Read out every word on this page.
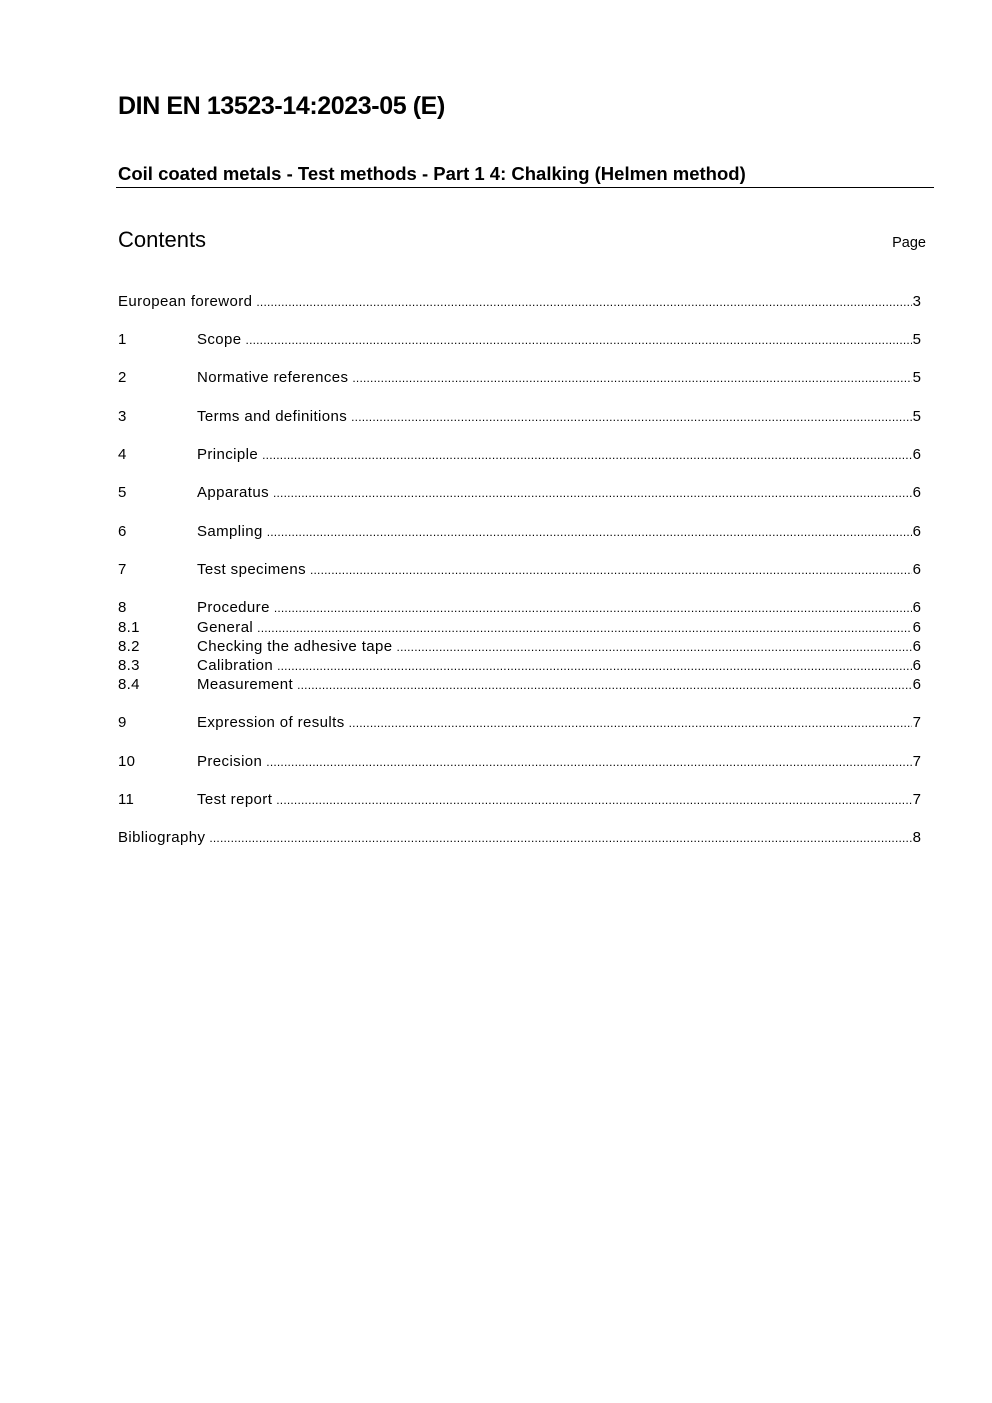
DIN EN 13523-14:2023-05 (E)
Coil coated metals - Test methods - Part 1 4: Chalking (Helmen method)
Contents	Page
European foreword .....	3
1	Scope .....	5
2	Normative references .....	5
3	Terms and definitions .....	5
4	Principle .....	6
5	Apparatus .....	6
6	Sampling .....	6
7	Test specimens .....	6
8	Procedure .....	6
8.1	General .....	6
8.2	Checking the adhesive tape .....	6
8.3	Calibration .....	6
8.4	Measurement .....	6
9	Expression of results .....	7
10	Precision .....	7
11	Test report .....	7
Bibliography .....	8
